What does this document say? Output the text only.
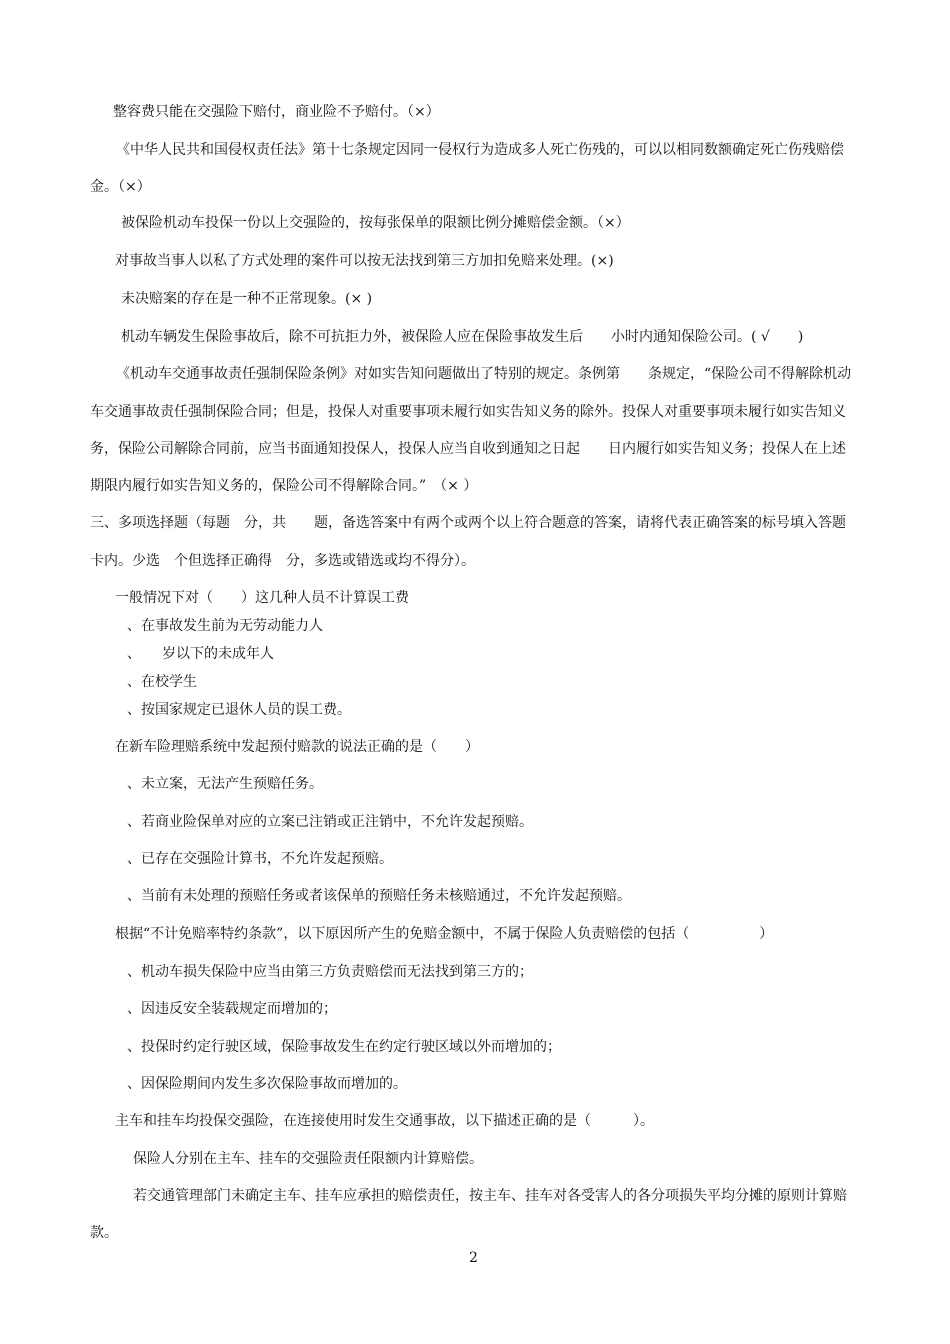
整容费只能在交强险下赔付，商业险不予赔付。（×）
《中华人民共和国侵权责任法》第十七条规定因同一侵权行为造成多人死亡伤残的，可以以相同数额确定死亡伤残赔偿
金。（×）
被保险机动车投保一份以上交强险的，按每张保单的限额比例分摊赔偿金额。（×）
对事故当事人以私了方式处理的案件可以按无法找到第三方加扣免赔来处理。(×)
未决赔案的存在是一种不正常现象。(× )
机动车辆发生保险事故后，除不可抗拒力外，被保险人应在保险事故发生后　　小时内通知保险公司。( √　　)
《机动车交通事故责任强制保险条例》对如实告知问题做出了特别的规定。条例第　　条规定，“保险公司不得解除机动
车交通事故责任强制保险合同；但是，投保人对重要事项未履行如实告知义务的除外。投保人对重要事项未履行如实告知义
务，保险公司解除合同前，应当书面通知投保人，投保人应当自收到通知之日起　　日内履行如实告知义务；投保人在上述
期限内履行如实告知义务的，保险公司不得解除合同。”　（× ）
三、多项选择题（每题　分，共　　题，备选答案中有两个或两个以上符合题意的答案，请将代表正确答案的标号填入答题
卡内。少选　个但选择正确得　分，多选或错选或均不得分）。
一般情况下对（　　）这几种人员不计算误工费
、在事故发生前为无劳动能力人
、　　岁以下的未成年人
、在校学生
、按国家规定已退休人员的误工费。
在新车险理赔系统中发起预付赔款的说法正确的是（　　）
、未立案，无法产生预赔任务。
、若商业险保单对应的立案已注销或正注销中，不允许发起预赔。
、已存在交强险计算书，不允许发起预赔。
、当前有未处理的预赔任务或者该保单的预赔任务未核赔通过，不允许发起预赔。
根据“不计免赔率特约条款”，以下原因所产生的免赔金额中，不属于保险人负责赔偿的包括（　　　　　）
、机动车损失保险中应当由第三方负责赔偿而无法找到第三方的；
、因违反安全装载规定而增加的；
、投保时约定行驶区域，保险事故发生在约定行驶区域以外而增加的；
、因保险期间内发生多次保险事故而增加的。
主车和挂车均投保交强险，在连接使用时发生交通事故，以下描述正确的是（　　　）。
保险人分别在主车、挂车的交强险责任限额内计算赔偿。
若交通管理部门未确定主车、挂车应承担的赔偿责任，按主车、挂车对各受害人的各分项损失平均分摊的原则计算赔
款。
2
